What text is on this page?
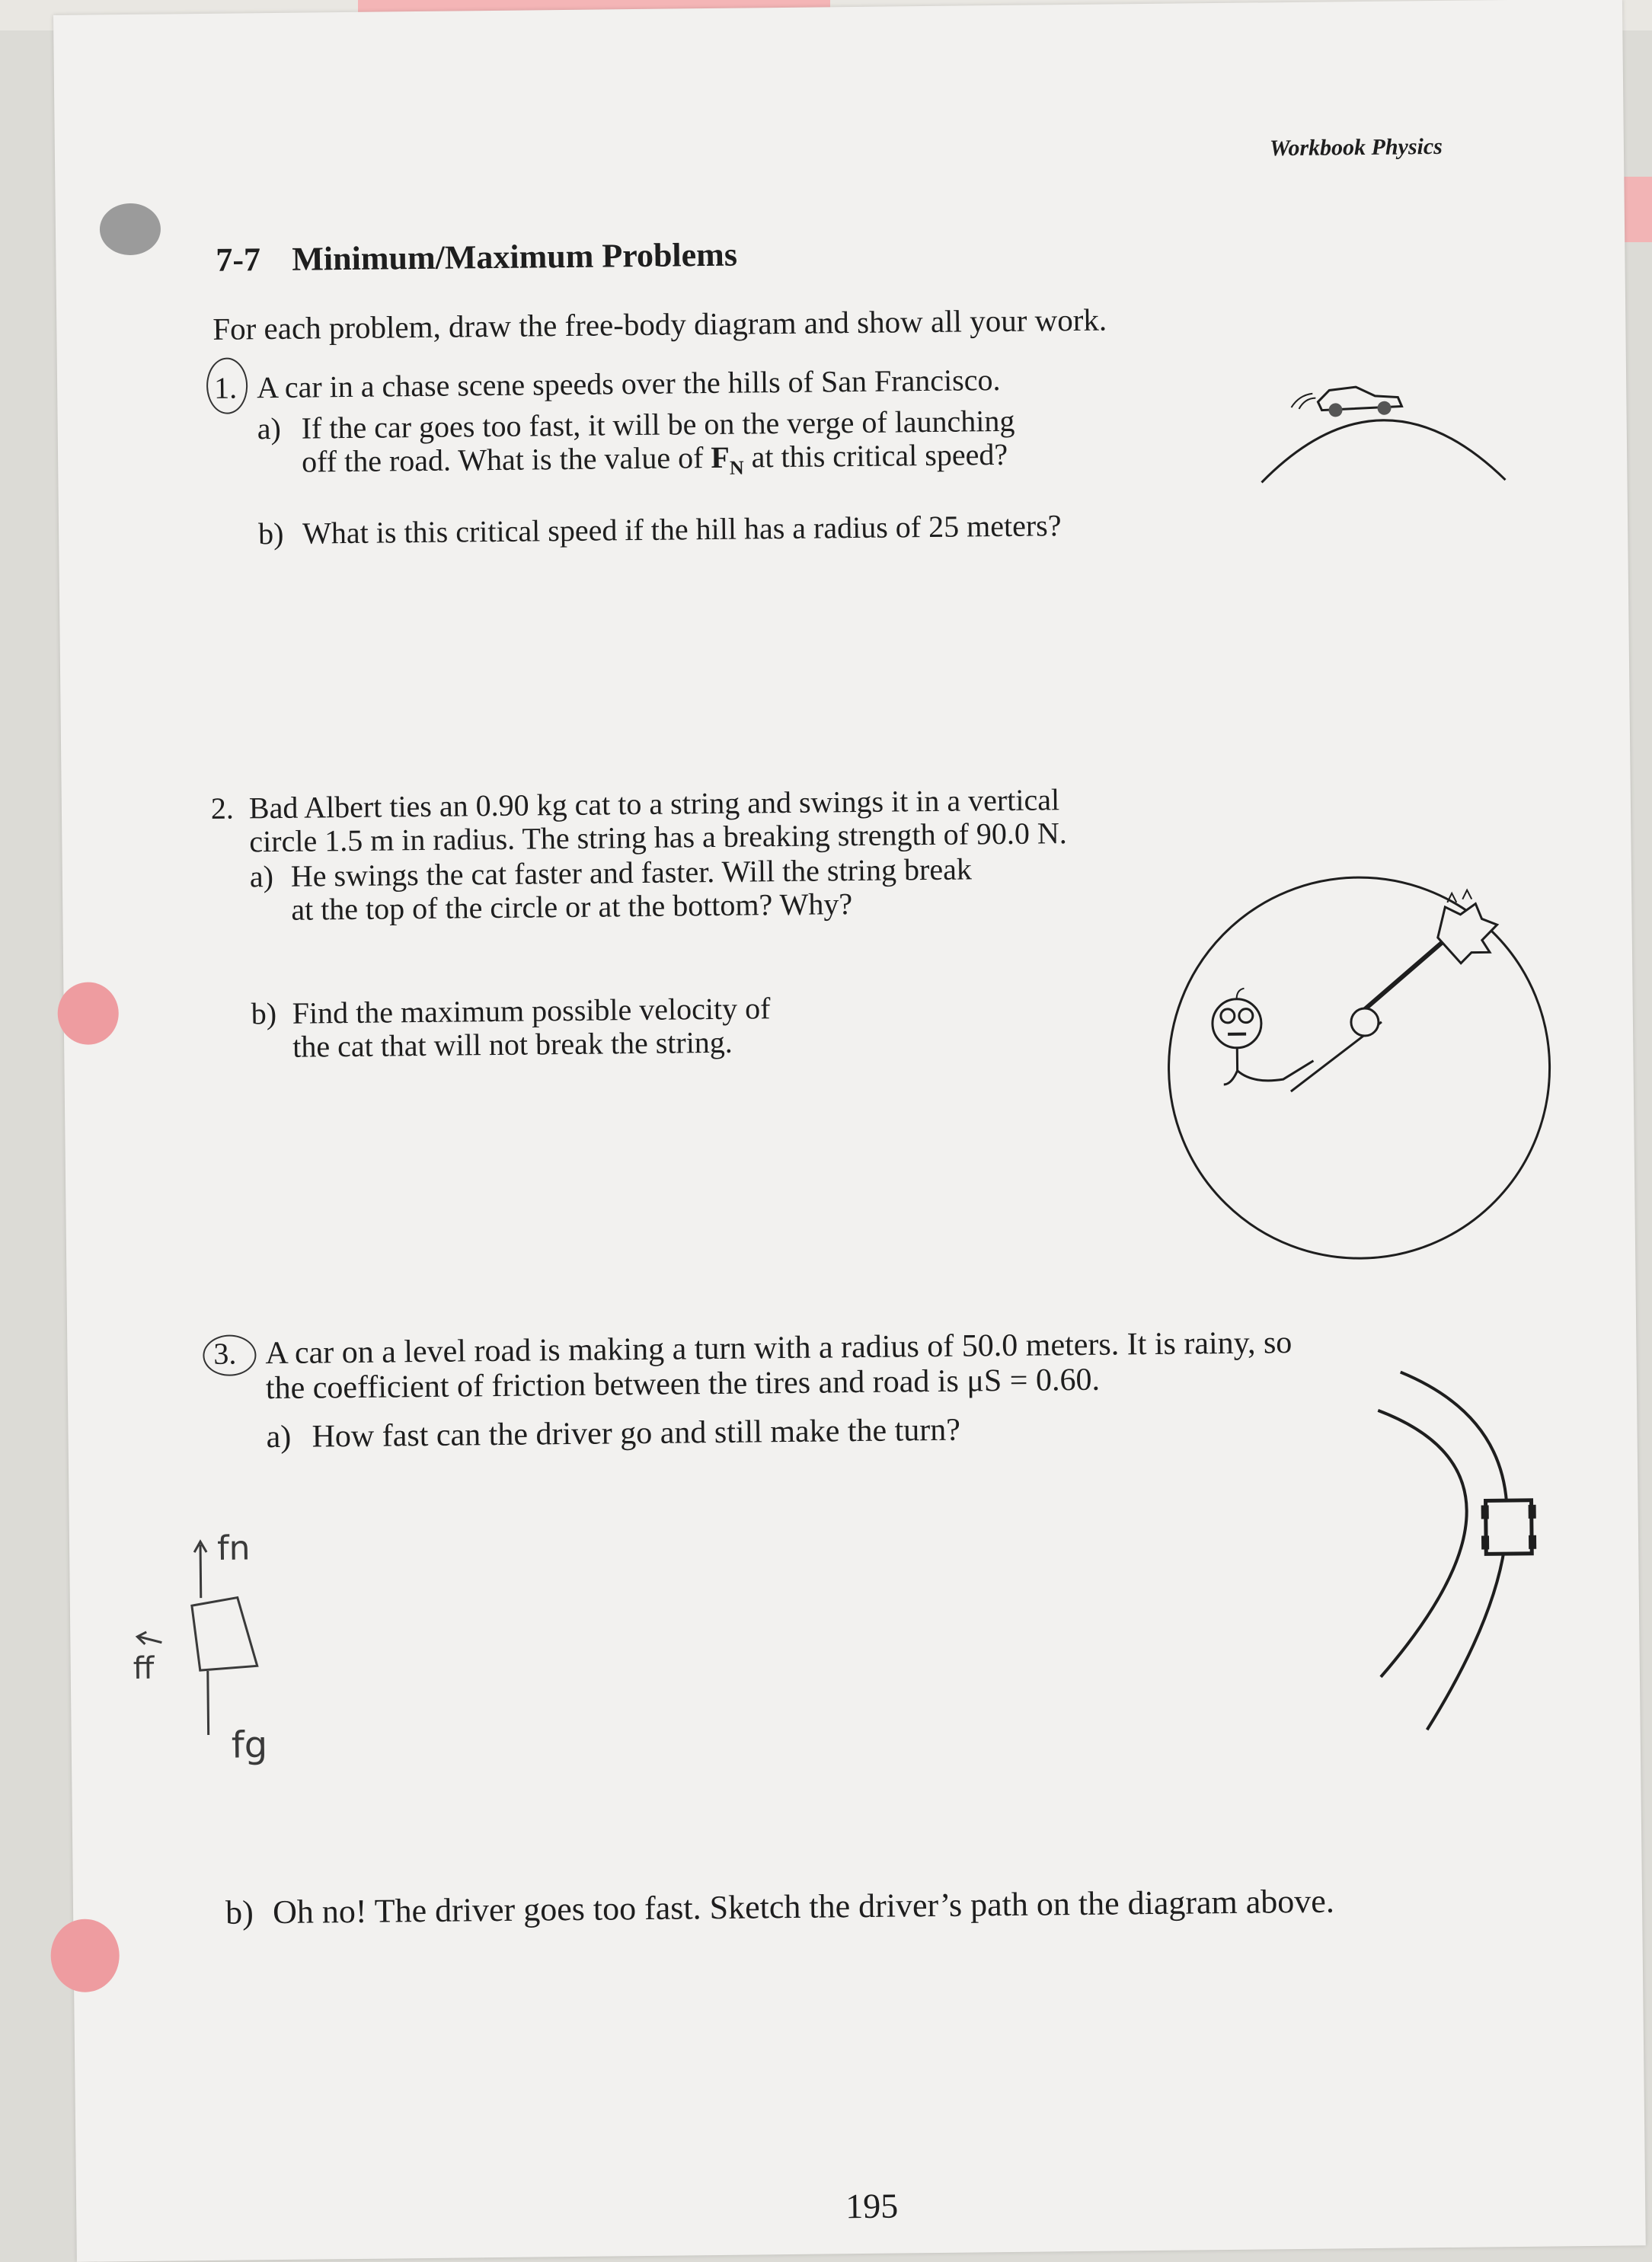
Workbook Physics
7-7 Minimum/Maximum Problems
For each problem, draw the free-body diagram and show all your work.
1. A car in a chase scene speeds over the hills of San Francisco.
a) If the car goes too fast, it will be on the verge of launching
off the road. What is the value of $F_N$ at this critical speed?
b) What is this critical speed if the hill has a radius of 25 meters?
2. Bad Albert ties an 0.90 kg cat to a string and swings it in a vertical
circle 1.5 m in radius. The string has a breaking strength of 90.0 N.
a) He swings the cat faster and faster. Will the string break
at the top of the circle or at the bottom? Why?
b) Find the maximum possible velocity of
the cat that will not break the string.
3. A car on a level road is making a turn with a radius of 50.0 meters. It is rainy, so
the coefficient of friction between the tires and road is μS = 0.60.
a) How fast can the driver go and still make the turn?
fn
ff
fg
b) Oh no! The driver goes too fast. Sketch the driver’s path on the diagram above.
195
